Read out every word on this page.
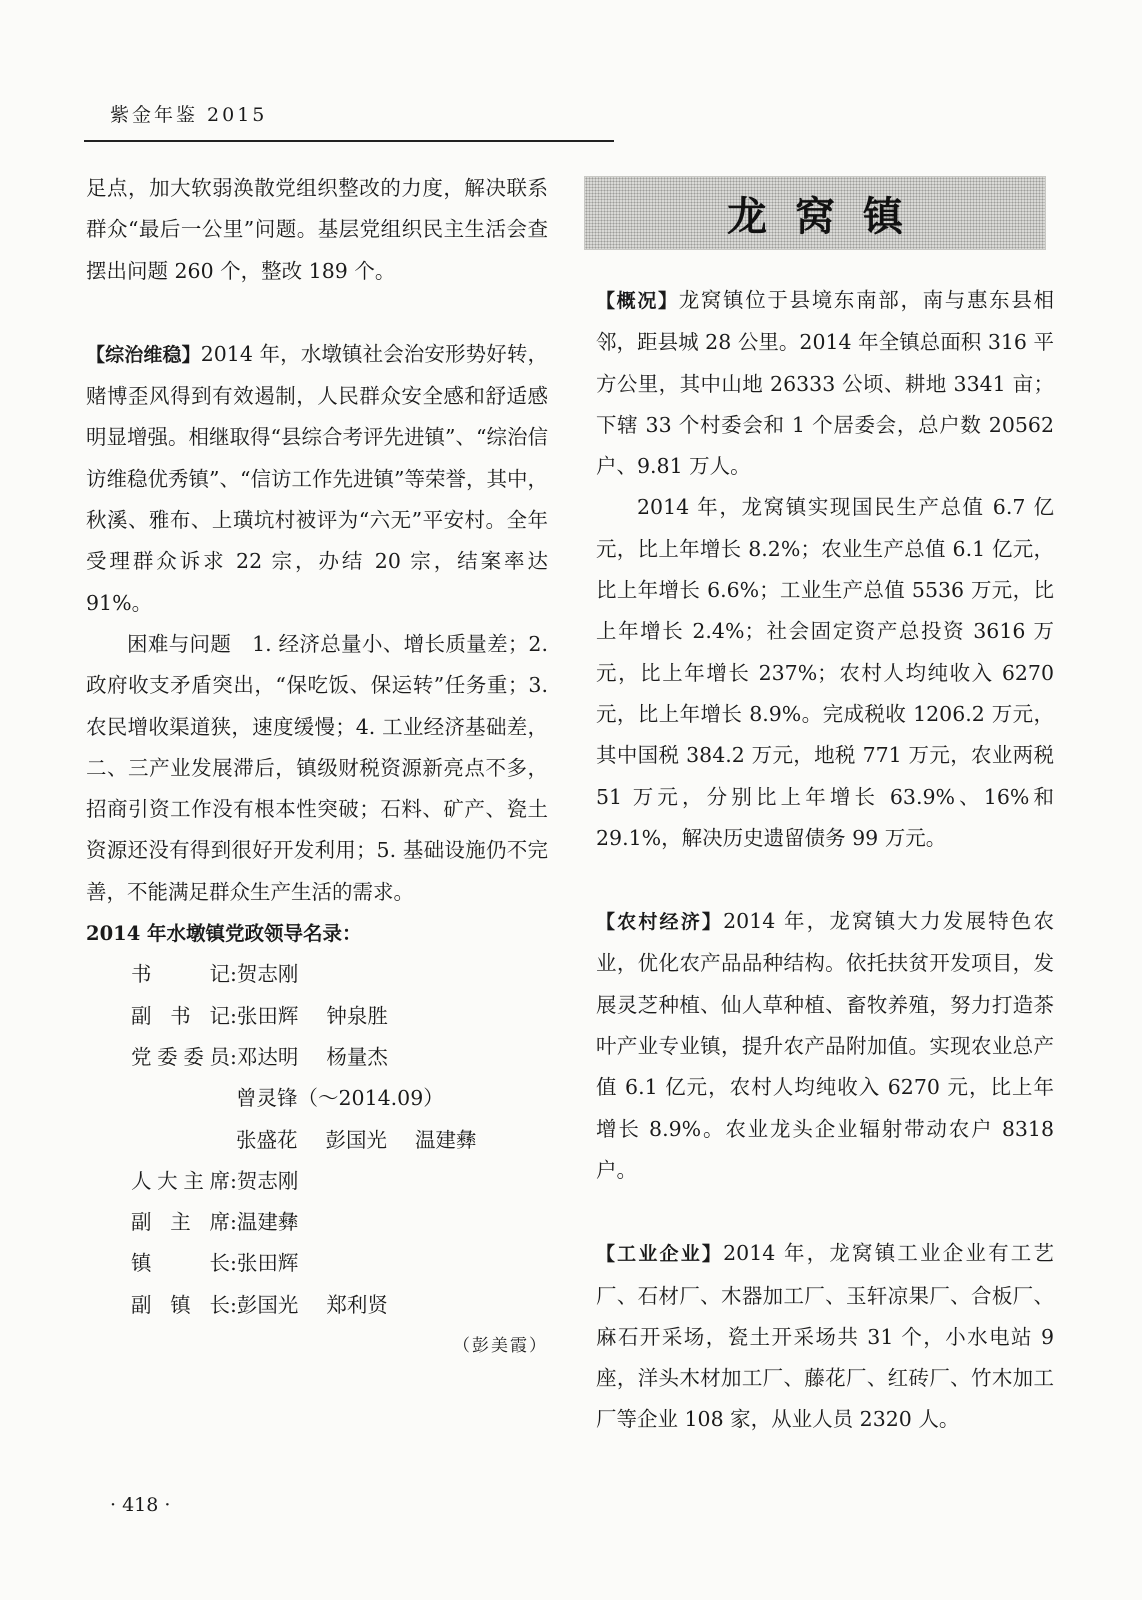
紫金年鉴 2015

足点，加大软弱涣散党组织整改的力度，解决联系群众“最后一公里”问题。基层党组织民主生活会查摆出问题 260 个，整改 189 个。

【综治维稳】2014 年，水墩镇社会治安形势好转，赌博歪风得到有效遏制，人民群众安全感和舒适感明显增强。相继取得“县综合考评先进镇”、“综治信访维稳优秀镇”、“信访工作先进镇”等荣誉，其中，秋溪、雅布、上璜坑村被评为“六无”平安村。全年受理群众诉求 22 宗，办结 20 宗，结案率达 91%。

困难与问题　1. 经济总量小、增长质量差；2. 政府收支矛盾突出，“保吃饭、保运转”任务重；3. 农民增收渠道狭，速度缓慢；4. 工业经济基础差，二、三产业发展滞后，镇级财税资源新亮点不多，招商引资工作没有根本性突破；石料、矿产、瓷土资源还没有得到很好开发利用；5. 基础设施仍不完善，不能满足群众生产生活的需求。

2014 年水墩镇党政领导名录：

书记 : 贺志刚
副书记 : 张田辉 钟泉胜
党委委员 : 邓达明 杨量杰
曾灵锋（～2014.09）
张盛花 彭国光 温建彝
人大主席 : 贺志刚
副主席 : 温建彝
镇长 : 张田辉
副镇长 : 彭国光 郑利贤

（彭美霞）

龙窝镇

【概况】龙窝镇位于县境东南部，南与惠东县相邻，距县城 28 公里。2014 年全镇总面积 316 平方公里，其中山地 26333 公顷、耕地 3341 亩；下辖 33 个村委会和 1 个居委会，总户数 20562 户、9.81 万人。

2014 年，龙窝镇实现国民生产总值 6.7 亿元，比上年增长 8.2%；农业生产总值 6.1 亿元，比上年增长 6.6%；工业生产总值 5536 万元，比上年增长 2.4%；社会固定资产总投资 3616 万元，比上年增长 237%；农村人均纯收入 6270 元，比上年增长 8.9%。完成税收 1206.2 万元，其中国税 384.2 万元，地税 771 万元，农业两税 51 万元，分别比上年增长 63.9%、16%和 29.1%，解决历史遗留债务 99 万元。

【农村经济】2014 年，龙窝镇大力发展特色农业，优化农产品品种结构。依托扶贫开发项目，发展灵芝种植、仙人草种植、畜牧养殖，努力打造茶叶产业专业镇，提升农产品附加值。实现农业总产值 6.1 亿元，农村人均纯收入 6270 元，比上年增长 8.9%。农业龙头企业辐射带动农户 8318 户。

【工业企业】2014 年，龙窝镇工业企业有工艺厂、石材厂、木器加工厂、玉轩凉果厂、合板厂、麻石开采场，瓷土开采场共 31 个，小水电站 9 座，洋头木材加工厂、藤花厂、红砖厂、竹木加工厂等企业 108 家，从业人员 2320 人。

· 418 ·
